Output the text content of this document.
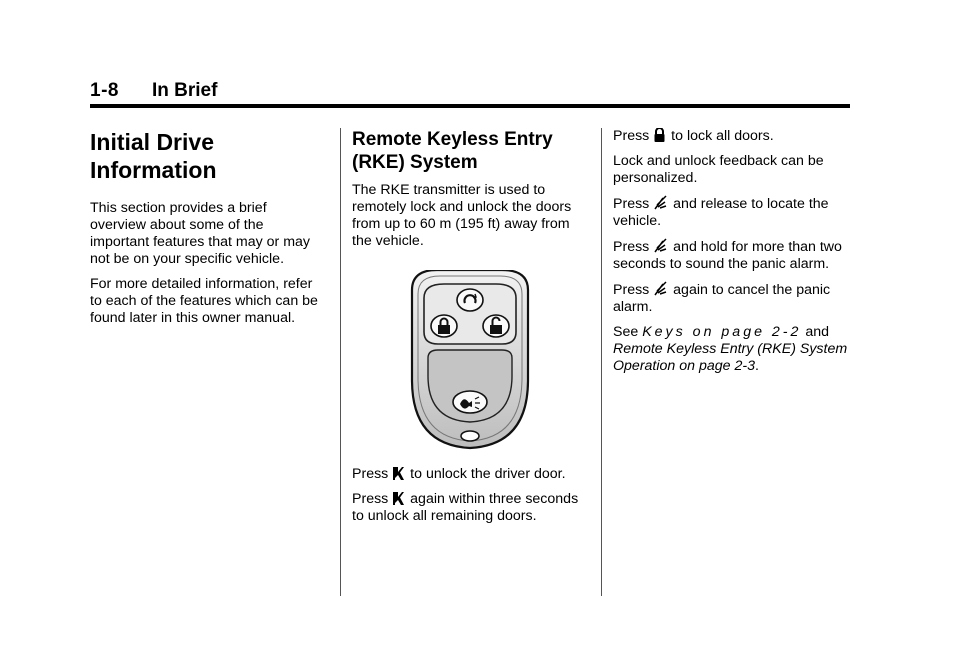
1-8 In Brief
Initial Drive
Information

This section provides a brief overview about some of the important features that may or may not be on your specific vehicle.

For more detailed information, refer to each of the features which can be found later in this owner manual.

Remote Keyless Entry
(RKE) System

The RKE transmitter is used to remotely lock and unlock the doors from up to 60 m (195 ft) away from the vehicle.

Press to unlock the driver door.

Press again within three seconds to unlock all remaining doors.

Press to lock all doors.

Lock and unlock feedback can be personalized.

Press and release to locate the vehicle.

Press and hold for more than two seconds to sound the panic alarm.

Press again to cancel the panic alarm.

See Keys on page 2-2 and Remote Keyless Entry (RKE) System Operation on page 2-3.
